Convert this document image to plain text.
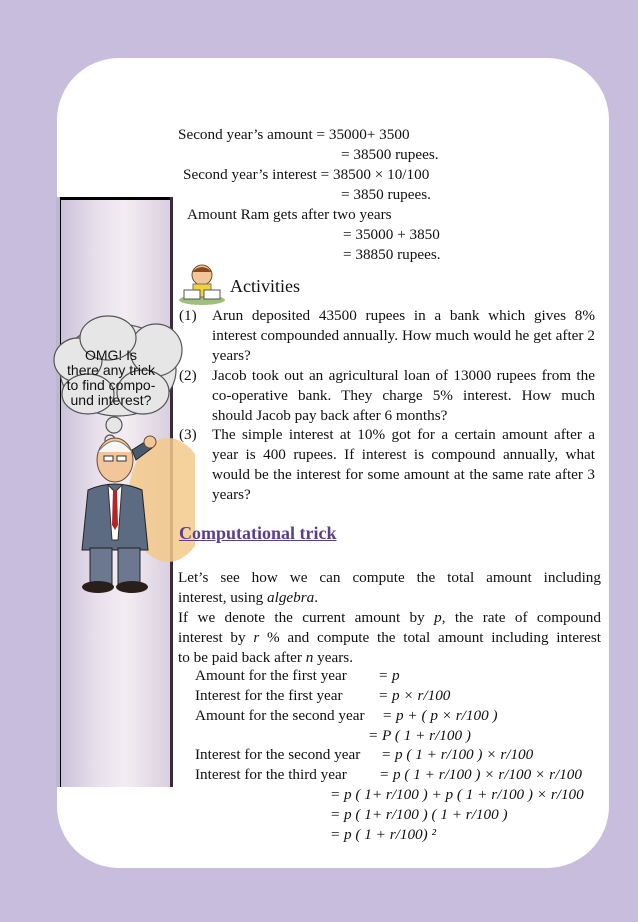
OMG! Is
there any trick
to find compo-
und interest?
Second year’s amount = 35000+ 3500
= 38500 rupees.
Second year’s interest = 38500 × 10/100
= 3850 rupees.
Amount Ram gets after two years
= 35000 + 3850
= 38850 rupees.
Activities
(1) Arun deposited 43500 rupees in a bank which gives 8% interest compounded annually. How much would he get after 2 years?
(2) Jacob took out an agricultural loan of 13000 rupees from the co-operative bank. They charge 5% interest. How much should Jacob pay back after 6 months?
(3) The simple interest at 10% got for a certain amount after a year is 400 rupees. If interest is compound annually, what would be the interest for some amount at the same rate after 3 years?
Computational trick
Let’s see how we can compute the total amount including
interest, using algebra.
If we denote the current amount by p, the rate of compound
interest by r % and compute the total amount including interest
to be paid back after n years.
Amount for the first year = p
Interest for the first year = p × r/100
Amount for the second year = p + ( p × r/100 )
= P ( 1 + r/100 )
Interest for the second year = p ( 1 + r/100 ) × r/100
Interest for the third year = p ( 1 + r/100 ) × r/100 × r/100
= p ( 1+ r/100 ) + p ( 1 + r/100 ) × r/100
= p ( 1+ r/100 ) ( 1 + r/100 )
= p ( 1 + r/100) ²
